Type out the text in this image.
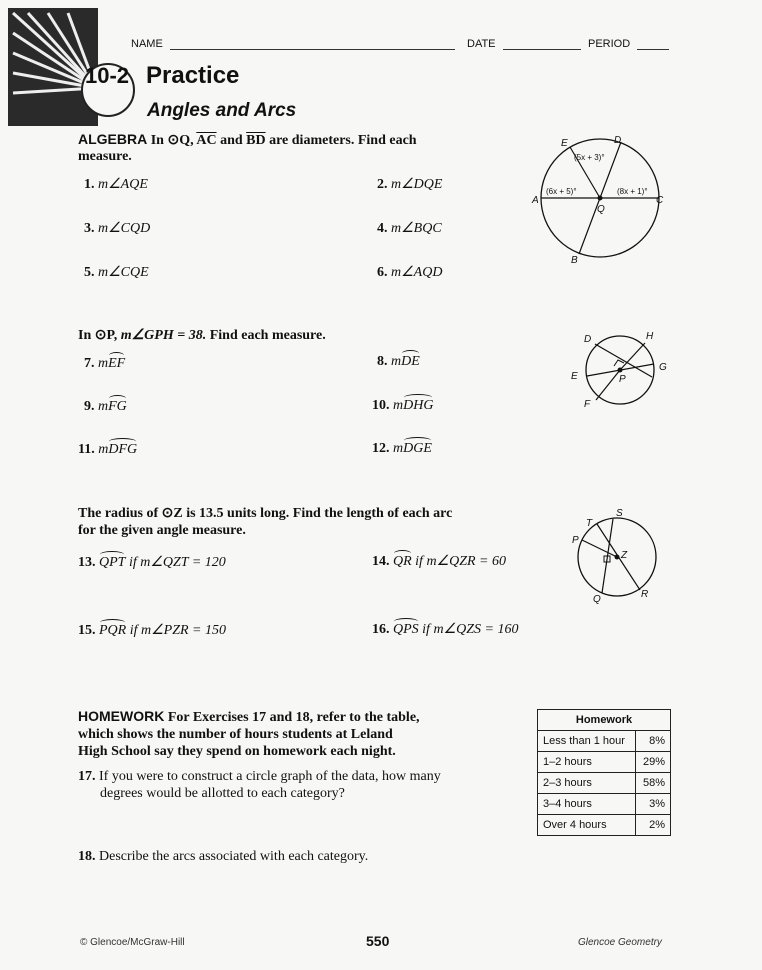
NAME	DATE	PERIOD
10-2 Practice
Angles and Arcs
ALGEBRA In ⊙Q, $\overline{AC}$ and $\overline{BD}$ are diameters. Find each
measure.
1. m∠AQE	2. m∠DQE
3. m∠CQD	4. m∠BQC
5. m∠CQE	6. m∠AQD
E	D
A	C
Q
B
(5x + 3)°
(6x + 5)°	(8x + 1)°
In ⊙P, m∠GPH = 38. Find each measure.
7. mEF	8. mDE
9. mFG	10. mDHG
11. mDFG	12. mDGE
D	H
E
G
P
F
The radius of ⊙Z is 13.5 units long. Find the length of each arc
for the given angle measure.
13. QPT if m∠QZT = 120	14. QR if m∠QZR = 60
15. PQR if m∠PZR = 150	16. QPS if m∠QZS = 160
S
T
P
Z
Q	R
HOMEWORK For Exercises 17 and 18, refer to the table,
which shows the number of hours students at Leland
High School say they spend on homework each night.
17. If you were to construct a circle graph of the data, how many
degrees would be allotted to each category?
18. Describe the arcs associated with each category.
Homework	
Less than 1 hour	8%
1–2 hours	29%
2–3 hours	58%
3–4 hours	3%
Over 4 hours	2%
© Glencoe/McGraw-Hill	550	Glencoe Geometry
